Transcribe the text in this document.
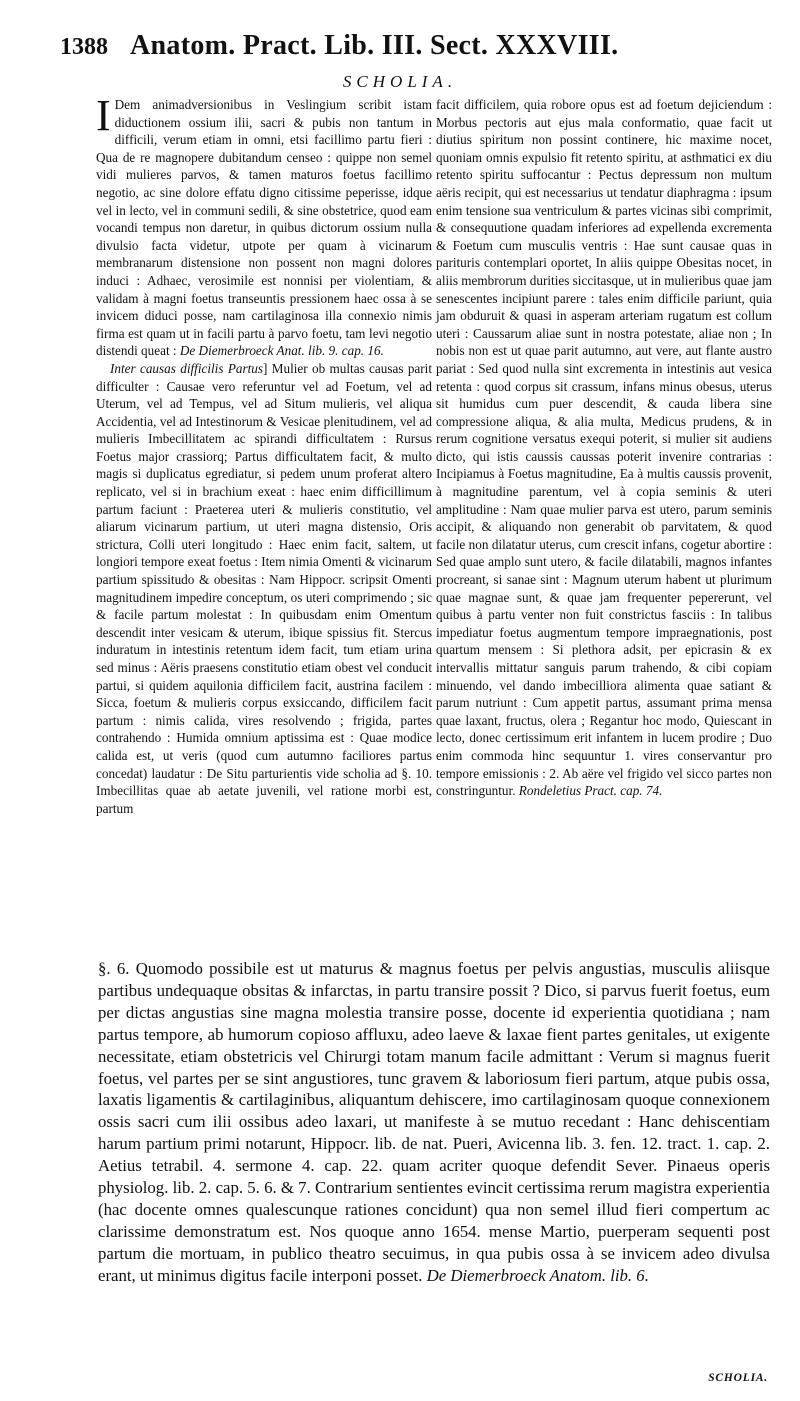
1388 Anatom. Pract. Lib. III. Sect. XXXVIII.
SCHOLIA.

I Dem animadversionibus in Veslingium scribit istam diductionem ossium ilii, sacri & pubis non tantum in difficili, verum etiam in omni, etsi facillimo partu fieri : Qua de re magnopere dubitandum censeo : quippe non semel vidi mulieres parvos, & tamen maturos foetus facillimo negotio, ac sine dolore effatu digno citissime peperisse, idque vel in lecto, vel in communi sedili, & sine obstetrice, quod eam vocandi tempus non daretur, in quibus dictorum ossium nulla divulsio facta videtur, utpote per quam à vicinarum membranarum distensione non possent non magni dolores induci : Adhaec, verosimile est nonnisi per violentiam, & validam à magni foetus transeuntis pressionem haec ossa à se invicem diduci posse, nam cartilaginosa illa connexio nimis firma est quam ut in facili partu à parvo foetu, tam levi negotio distendi queat : De Diemerbroeck Anat. lib. 9. cap. 16.

Inter causas difficilis Partus] Mulier ob multas causas parit difficulter : Causae vero referuntur vel ad Foetum, vel ad Uterum, vel ad Tempus, vel ad Situm mulieris, vel aliqua Accidentia, vel ad Intestinorum & Vesicae plenitudinem, vel ad mulieris Imbecillitatem ac spirandi difficultatem : Rursus Foetus major crassiorq; Partus difficultatem facit, & multo magis si duplicatus egrediatur, si pedem unum proferat altero replicato, vel si in brachium exeat : haec enim difficillimum partum faciunt : Praeterea uteri & mulieris constitutio, vel aliarum vicinarum partium, ut uteri magna distensio, Oris strictura, Colli uteri longitudo : Haec enim facit, saltem, ut longiori tempore exeat foetus : Item nimia Omenti & vicinarum partium spissitudo & obesitas : Nam Hippocr. scripsit Omenti magnitudinem impedire conceptum, os uteri comprimendo ; sic & facile partum molestat : In quibusdam enim Omentum descendit inter vesicam & uterum, ibique spissius fit. Stercus induratum in intestinis retentum idem facit, tum etiam urina sed minus : Aëris praesens constitutio etiam obest vel conducit partui, si quidem aquilonia difficilem facit, austrina facilem : Sicca, foetum & mulieris corpus exsiccando, difficilem facit partum : nimis calida, vires resolvendo ; frigida, partes contrahendo : Humida omnium aptissima est : Quae modice calida est, ut veris (quod cum autumno faciliores partus concedat) laudatur : De Situ parturientis vide scholia ad §. 10. Imbecillitas quae ab aetate juvenili, vel ratione morbi est, partum

facit difficilem, quia robore opus est ad foetum dejiciendum : Morbus pectoris aut ejus mala conformatio, quae facit ut diutius spiritum non possint continere, hic maxime nocet, quoniam omnis expulsio fit retento spiritu, at asthmatici ex diu retento spiritu suffocantur : Pectus depressum non multum aëris recipit, qui est necessarius ut tendatur diaphragma : ipsum enim tensione sua ventriculum & partes vicinas sibi comprimit, & consequutione quadam inferiores ad expellenda excrementa & Foetum cum musculis ventris : Hae sunt causae quas in parituris contemplari oportet, In aliis quippe Obesitas nocet, in aliis membrorum durities siccitasque, ut in mulieribus quae jam senescentes incipiunt parere : tales enim difficile pariunt, quia jam obduruit & quasi in asperam arteriam rugatum est collum uteri : Caussarum aliae sunt in nostra potestate, aliae non ; In nobis non est ut quae parit autumno, aut vere, aut flante austro pariat : Sed quod nulla sint excrementa in intestinis aut vesica retenta : quod corpus sit crassum, infans minus obesus, uterus sit humidus cum puer descendit, & cauda libera sine compressione aliqua, & alia multa, Medicus prudens, & in rerum cognitione versatus exequi poterit, si mulier sit audiens dicto, qui istis caussis caussas poterit invenire contrarias : Incipiamus à Foetus magnitudine, Ea à multis caussis provenit, à magnitudine parentum, vel à copia seminis & uteri amplitudine : Nam quae mulier parva est utero, parum seminis accipit, & aliquando non generabit ob parvitatem, & quod facile non dilatatur uterus, cum crescit infans, cogetur abortire : Sed quae amplo sunt utero, & facile dilatabili, magnos infantes procreant, si sanae sint : Magnum uterum habent ut plurimum quae magnae sunt, & quae jam frequenter pepererunt, vel quibus à partu venter non fuit constrictus fasciis : In talibus impediatur foetus augmentum tempore impraegnationis, post quartum mensem : Si plethora adsit, per epicrasin & ex intervallis mittatur sanguis parum trahendo, & cibi copiam minuendo, vel dando imbecilliora alimenta quae satiant & parum nutriunt : Cum appetit partus, assumant prima mensa quae laxant, fructus, olera ; Regantur hoc modo, Quiescant in lecto, donec certissimum erit infantem in lucem prodire ; Duo enim commoda hinc sequuntur 1. vires conservantur pro tempore emissionis : 2. Ab aëre vel frigido vel sicco partes non constringuntur. Rondeletius Pract. cap. 74.

§. 6. Quomodo possibile est ut maturus & magnus foetus per pelvis angustias, musculis aliisque partibus undequaque obsitas & infarctas, in partu transire possit ? Dico, si parvus fuerit foetus, eum per dictas angustias sine magna molestia transire posse, docente id experientia quotidiana ; nam partus tempore, ab humorum copioso affluxu, adeo laeve & laxae fient partes genitales, ut exigente necessitate, etiam obstetricis vel Chirurgi totam manum facile admittant : Verum si magnus fuerit foetus, vel partes per se sint angustiores, tunc gravem & laboriosum fieri partum, atque pubis ossa, laxatis ligamentis & cartilaginibus, aliquantum dehiscere, imo cartilaginosam quoque connexionem ossis sacri cum ilii ossibus adeo laxari, ut manifeste à se mutuo recedant : Hanc dehiscentiam harum partium primi notarunt, Hippocr. lib. de nat. Pueri, Avicenna lib. 3. fen. 12. tract. 1. cap. 2. Aetius tetrabil. 4. sermone 4. cap. 22. quam acriter quoque defendit Sever. Pinaeus operis physiolog. lib. 2. cap. 5. 6. & 7. Contrarium sentientes evincit certissima rerum magistra experientia (hac docente omnes qualescunque rationes concidunt) qua non semel illud fieri compertum ac clarissime demonstratum est. Nos quoque anno 1654. mense Martio, puerperam sequenti post partum die mortuam, in publico theatro secuimus, in qua pubis ossa à se invicem adeo divulsa erant, ut minimus digitus facile interponi posset. De Diemerbroeck Anatom. lib. 6.

SCHOLIA.
